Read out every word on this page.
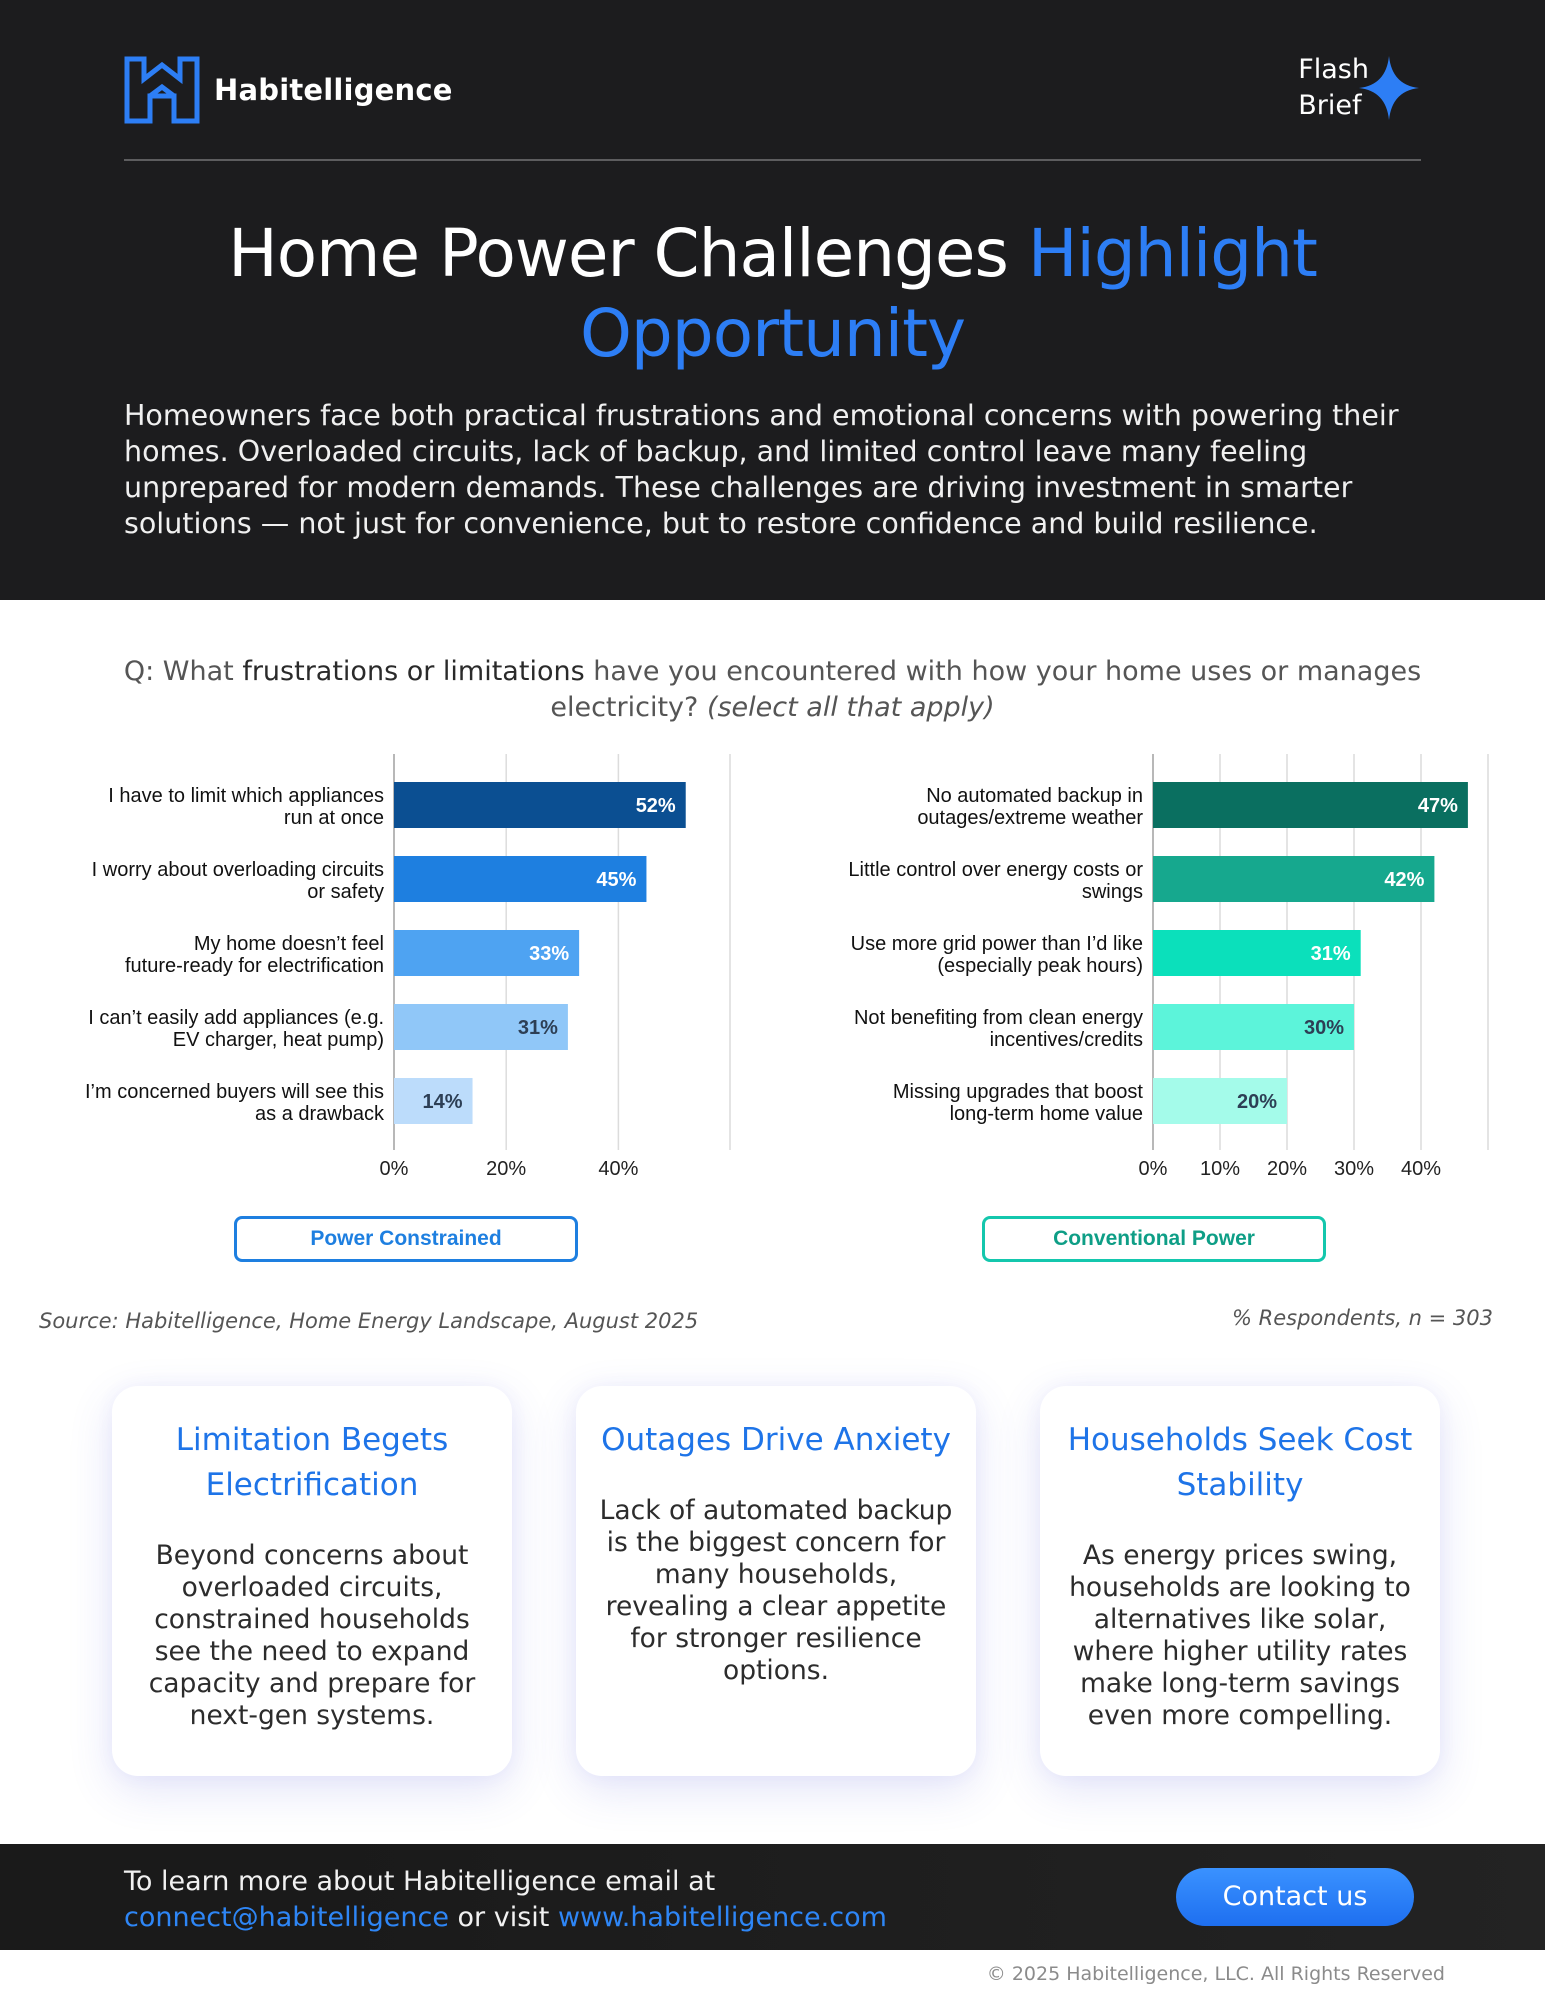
Habitelligence
Flash
Brief
Home Power Challenges Highlight Opportunity

Homeowners face both practical frustrations and emotional concerns with powering their homes. Overloaded circuits, lack of backup, and limited control leave many feeling unprepared for modern demands. These challenges are driving investment in smarter solutions — not just for convenience, but to restore confidence and build resilience.

Q: What frustrations or limitations have you encountered with how your home uses or manages electricity? (select all that apply)
0%	20%	40%
52%
I have to limit which appliances
run at once
45%
I worry about overloading circuits
or safety
33%
My home doesn’t feel
future-ready for electrification
31%
I can’t easily add appliances (e.g.
EV charger, heat pump)
14%
I’m concerned buyers will see this
as a drawback
0% 10% 20% 30% 40%
47%
No automated backup in
outages/extreme weather
42%
Little control over energy costs or
swings
31%
Use more grid power than I’d like
(especially peak hours)
30%
Not benefiting from clean energy
incentives/credits
20%
Missing upgrades that boost
long-term home value
Power Constrained	Conventional Power
Source: Habitelligence, Home Energy Landscape, August 2025	% Respondents, n = 303
Limitation Begets Electrification
Beyond concerns about overloaded circuits, constrained households see the need to expand capacity and prepare for next-gen systems.
Outages Drive Anxiety
Lack of automated backup is the biggest concern for many households, revealing a clear appetite for stronger resilience options.
Households Seek Cost Stability
As energy prices swing, households are looking to alternatives like solar, where higher utility rates make long-term savings even more compelling.
To learn more about Habitelligence email at
connect@habitelligence or visit www.habitelligence.com
Contact us
© 2025 Habitelligence, LLC. All Rights Reserved
